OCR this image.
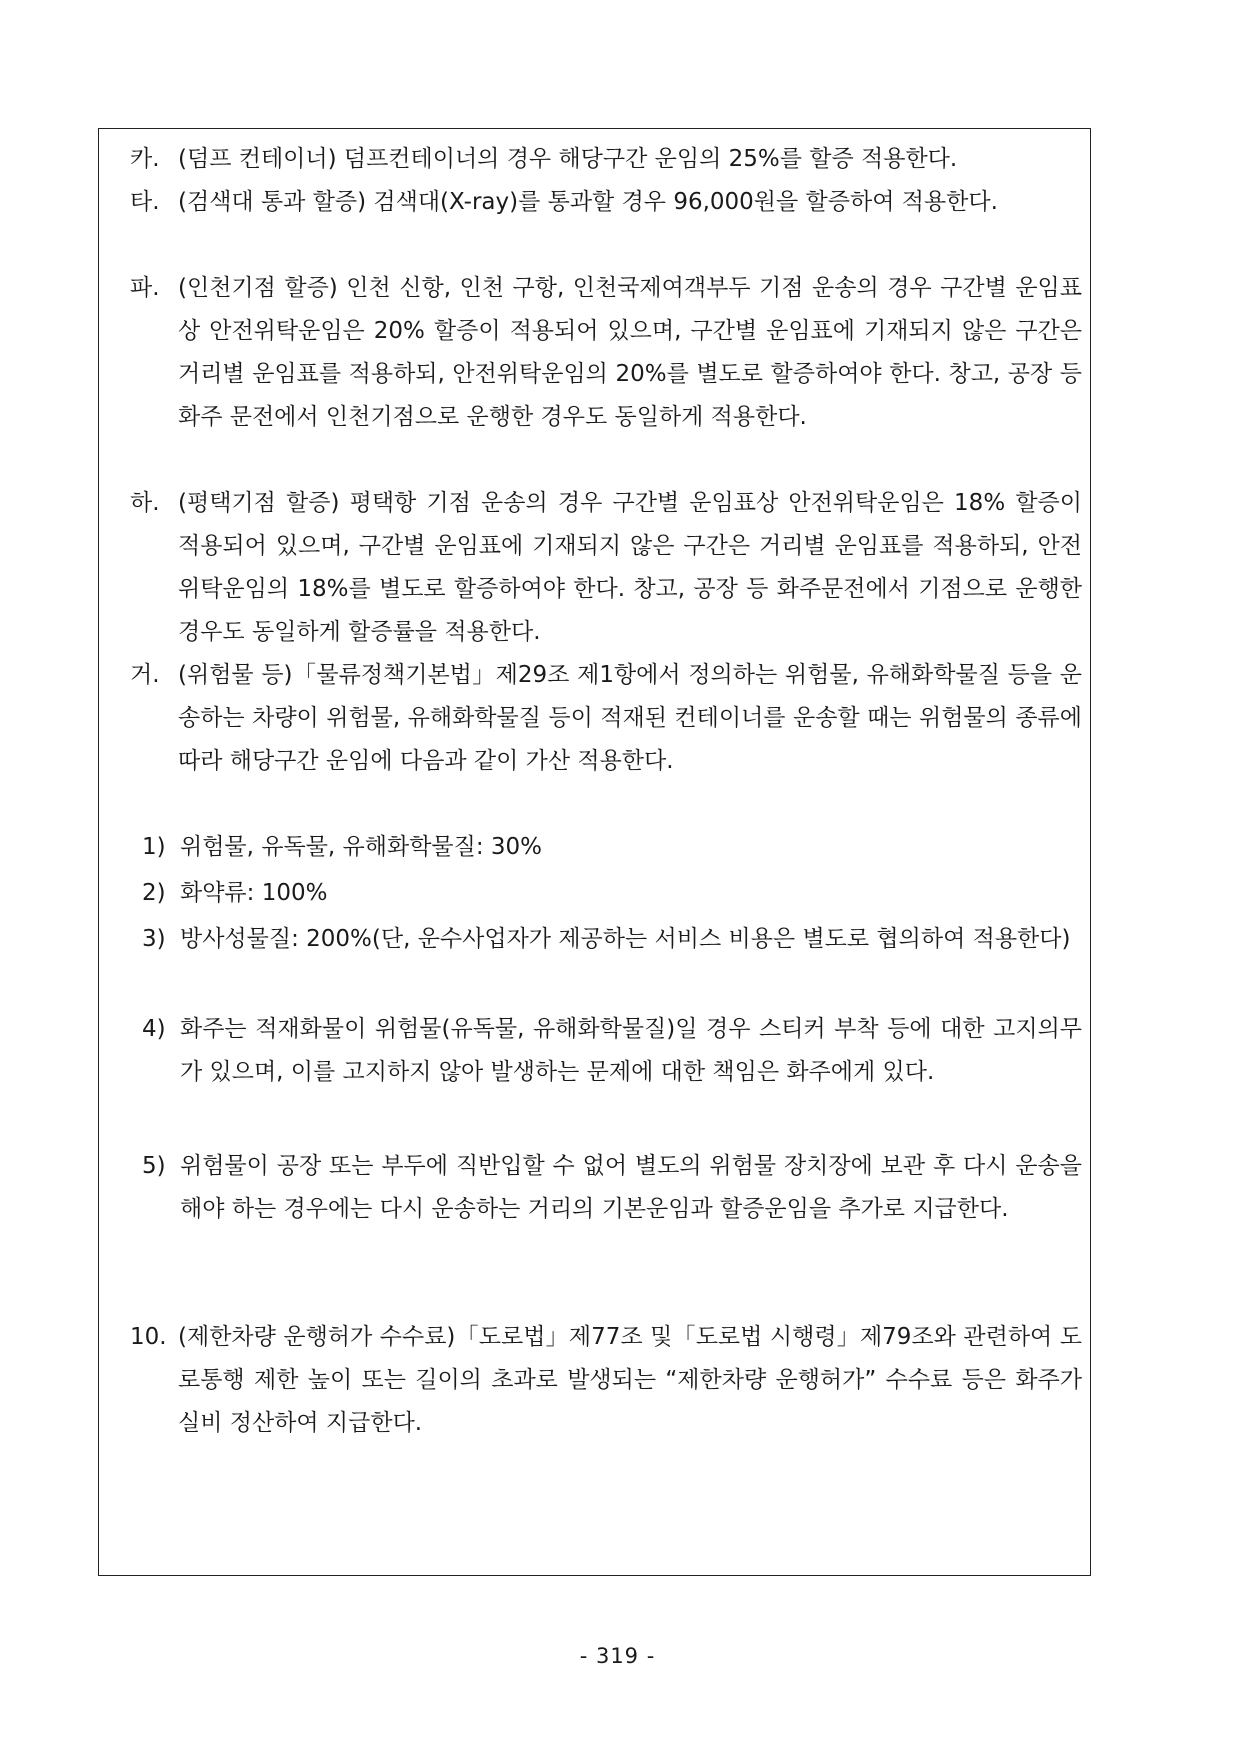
카. (덤프 컨테이너) 덤프컨테이너의 경우 해당구간 운임의 25%를 할증 적용한다.
타. (검색대 통과 할증) 검색대(X-ray)를 통과할 경우 96,000원을 할증하여 적용한다.
파. (인천기점 할증) 인천 신항, 인천 구항, 인천국제여객부두 기점 운송의 경우 구간별 운임표 상 안전위탁운임은 20% 할증이 적용되어 있으며, 구간별 운임표에 기재되지 않은 구간은 거리별 운임표를 적용하되, 안전위탁운임의 20%를 별도로 할증하여야 한다. 창고, 공장 등 화주 문전에서 인천기점으로 운행한 경우도 동일하게 적용한다.
하. (평택기점 할증) 평택항 기점 운송의 경우 구간별 운임표상 안전위탁운임은 18% 할증이 적용되어 있으며, 구간별 운임표에 기재되지 않은 구간은 거리별 운임표를 적용하되, 안전위탁운임의 18%를 별도로 할증하여야 한다. 창고, 공장 등 화주문전에서 기점으로 운행한 경우도 동일하게 할증률을 적용한다.
거. (위험물 등)「물류정책기본법」제29조 제1항에서 정의하는 위험물, 유해화학물질 등을 운송하는 차량이 위험물, 유해화학물질 등이 적재된 컨테이너를 운송할 때는 위험물의 종류에 따라 해당구간 운임에 다음과 같이 가산 적용한다.
1) 위험물, 유독물, 유해화학물질: 30%
2) 화약류: 100%
3) 방사성물질: 200%(단, 운수사업자가 제공하는 서비스 비용은 별도로 협의하여 적용한다)
4) 화주는 적재화물이 위험물(유독물, 유해화학물질)일 경우 스티커 부착 등에 대한 고지의무가 있으며, 이를 고지하지 않아 발생하는 문제에 대한 책임은 화주에게 있다.
5) 위험물이 공장 또는 부두에 직반입할 수 없어 별도의 위험물 장치장에 보관 후 다시 운송을 해야 하는 경우에는 다시 운송하는 거리의 기본운임과 할증운임을 추가로 지급한다.
10. (제한차량 운행허가 수수료)「도로법」제77조 및「도로법 시행령」제79조와 관련하여 도로통행 제한 높이 또는 길이의 초과로 발생되는 “제한차량 운행허가” 수수료 등은 화주가 실비 정산하여 지급한다.
- 319 -
